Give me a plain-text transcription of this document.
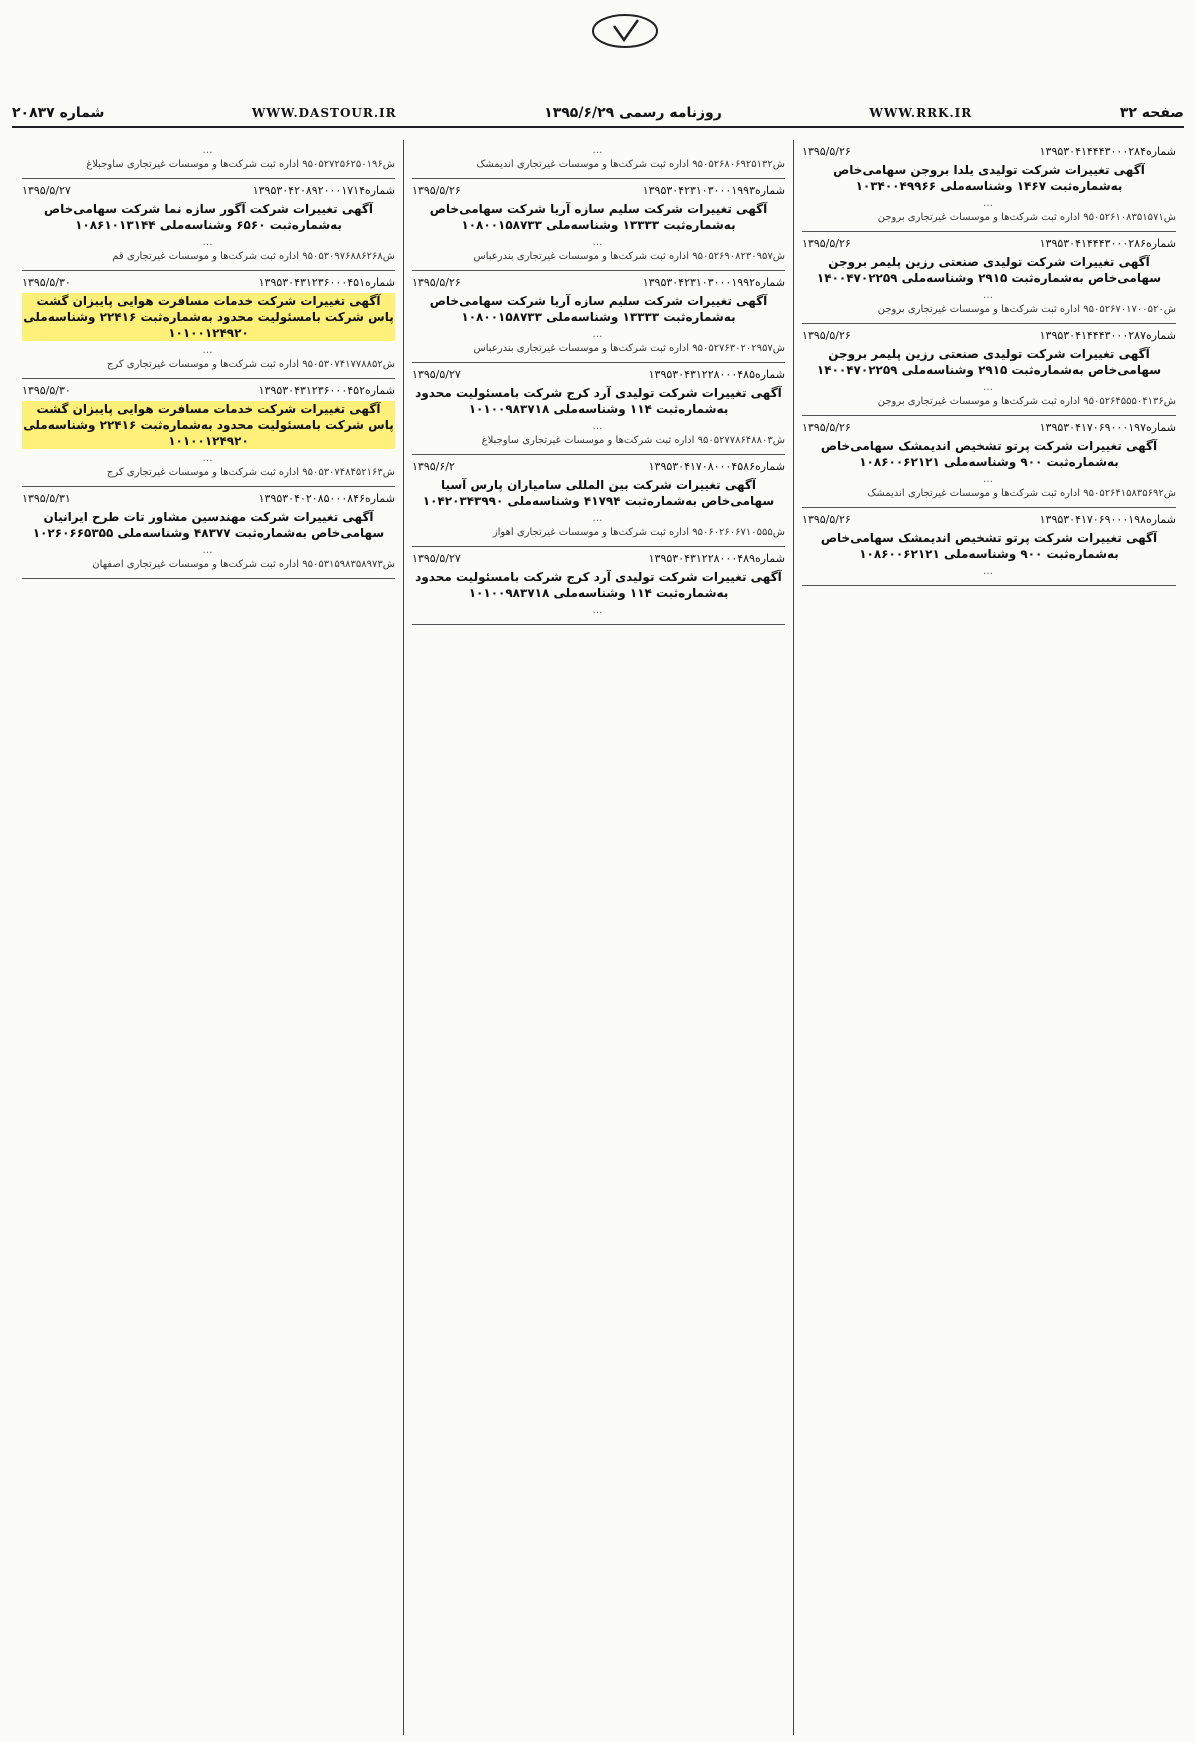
شماره ۲۰۸۳۷	WWW.DASTOUR.IR	روزنامه رسمی ۱۳۹۵/۶/۲۹	WWW.RRK.IR	صفحه ۳۲
شماره۱۳۹۵۳۰۴۱۴۴۴۳۰۰۰۲۸۴
۱۳۹۵/۵/۲۶
آگهی تغییرات شرکت تولیدی یلدا بروجن سهامی‌خاص به‌شماره‌ثبت ۱۴۶۷ وشناسه‌ملی ۱۰۳۴۰۰۴۹۹۶۶
…
ش۹۵۰۵۲۶۱۰۸۳۵۱۵۷۱ اداره ثبت شرکت‌ها و موسسات غیرتجاری بروجن
شماره۱۳۹۵۳۰۴۱۴۴۴۳۰۰۰۲۸۶
۱۳۹۵/۵/۲۶
آگهی تغییرات شرکت تولیدی صنعتی رزین پلیمر بروجن سهامی‌خاص به‌شماره‌ثبت ۲۹۱۵ وشناسه‌ملی ۱۴۰۰۴۷۰۲۲۵۹
…
ش۹۵۰۵۲۶۷۰۱۷۰۰۵۲۰ اداره ثبت شرکت‌ها و موسسات غیرتجاری بروجن
شماره۱۳۹۵۳۰۴۱۴۴۴۳۰۰۰۲۸۷
۱۳۹۵/۵/۲۶
آگهی تغییرات شرکت تولیدی صنعتی رزین پلیمر بروجن سهامی‌خاص به‌شماره‌ثبت ۲۹۱۵ وشناسه‌ملی ۱۴۰۰۴۷۰۲۲۵۹
…
ش۹۵۰۵۲۶۴۵۵۵۰۴۱۳۶ اداره ثبت شرکت‌ها و موسسات غیرتجاری بروجن
شماره۱۳۹۵۳۰۴۱۷۰۶۹۰۰۰۱۹۷
۱۳۹۵/۵/۲۶
آگهی تغییرات شرکت پرتو تشخیص اندیمشک سهامی‌خاص به‌شماره‌ثبت ۹۰۰ وشناسه‌ملی ۱۰۸۶۰۰۶۲۱۲۱
…
ش۹۵۰۵۲۶۴۱۵۸۳۵۶۹۲ اداره ثبت شرکت‌ها و موسسات غیرتجاری اندیمشک
شماره۱۳۹۵۳۰۴۱۷۰۶۹۰۰۰۱۹۸
۱۳۹۵/۵/۲۶
آگهی تغییرات شرکت پرتو تشخیص اندیمشک سهامی‌خاص به‌شماره‌ثبت ۹۰۰ وشناسه‌ملی ۱۰۸۶۰۰۶۲۱۲۱
…
…
ش۹۵۰۵۲۶۸۰۶۹۲۵۱۳۲ اداره ثبت شرکت‌ها و موسسات غیرتجاری اندیمشک
شماره۱۳۹۵۳۰۴۲۳۱۰۳۰۰۰۱۹۹۳
۱۳۹۵/۵/۲۶
آگهی تغییرات شرکت سلیم سازه آریا شرکت سهامی‌خاص به‌شماره‌ثبت ۱۳۳۳۳ وشناسه‌ملی ۱۰۸۰۰۱۵۸۷۳۳
…
ش۹۵۰۵۲۶۹۰۸۲۳۰۹۵۷ اداره ثبت شرکت‌ها و موسسات غیرتجاری بندرعباس
شماره۱۳۹۵۳۰۴۲۳۱۰۳۰۰۰۱۹۹۲
۱۳۹۵/۵/۲۶
آگهی تغییرات شرکت سلیم سازه آریا شرکت سهامی‌خاص به‌شماره‌ثبت ۱۳۳۳۳ وشناسه‌ملی ۱۰۸۰۰۱۵۸۷۳۳
…
ش۹۵۰۵۲۷۶۳۰۲۰۲۹۵۷ اداره ثبت شرکت‌ها و موسسات غیرتجاری بندرعباس
شماره۱۳۹۵۳۰۴۳۱۲۲۸۰۰۰۴۸۵
۱۳۹۵/۵/۲۷
آگهی تغییرات شرکت تولیدی آرد کرج شرکت بامسئولیت محدود به‌شماره‌ثبت ۱۱۴ وشناسه‌ملی ۱۰۱۰۰۹۸۳۷۱۸
…
ش۹۵۰۵۲۷۷۸۶۴۸۸۰۳ اداره ثبت شرکت‌ها و موسسات غیرتجاری ساوجبلاغ
شماره۱۳۹۵۳۰۴۱۷۰۸۰۰۰۴۵۸۶
۱۳۹۵/۶/۲
آگهی تغییرات شرکت بین المللی سامیاران پارس آسیا سهامی‌خاص به‌شماره‌ثبت ۴۱۷۹۴ وشناسه‌ملی ۱۰۴۲۰۳۴۳۹۹۰
…
ش۹۵۰۶۰۲۶۰۶۷۱۰۵۵۵ اداره ثبت شرکت‌ها و موسسات غیرتجاری اهواز
شماره۱۳۹۵۳۰۴۳۱۲۲۸۰۰۰۴۸۹
۱۳۹۵/۵/۲۷
آگهی تغییرات شرکت تولیدی آرد کرج شرکت بامسئولیت محدود به‌شماره‌ثبت ۱۱۴ وشناسه‌ملی ۱۰۱۰۰۹۸۳۷۱۸
…
…
ش۹۵۰۵۲۷۲۵۶۲۵۰۱۹۶ اداره ثبت شرکت‌ها و موسسات غیرتجاری ساوجبلاغ
شماره۱۳۹۵۳۰۴۲۰۸۹۲۰۰۰۱۷۱۴
۱۳۹۵/۵/۲۷
آگهی تغییرات شرکت آگور سازه نما شرکت سهامی‌خاص به‌شماره‌ثبت ۶۵۶۰ وشناسه‌ملی ۱۰۸۶۱۰۱۳۱۴۴
…
ش۹۵۰۵۳۰۹۷۶۸۸۶۲۶۸ اداره ثبت شرکت‌ها و موسسات غیرتجاری قم
شماره۱۳۹۵۳۰۴۳۱۲۳۶۰۰۰۴۵۱
۱۳۹۵/۵/۳۰
آگهی تغییرات شرکت خدمات مسافرت هوایی پایبزان گشت پاس شرکت بامسئولیت محدود به‌شماره‌ثبت ۲۲۴۱۶ وشناسه‌ملی ۱۰۱۰۰۱۲۴۹۲۰
…
ش۹۵۰۵۳۰۷۴۱۷۷۸۸۵۲ اداره ثبت شرکت‌ها و موسسات غیرتجاری کرج
شماره۱۳۹۵۳۰۴۳۱۲۳۶۰۰۰۴۵۲
۱۳۹۵/۵/۳۰
آگهی تغییرات شرکت خدمات مسافرت هوایی پایبزان گشت پاس شرکت بامسئولیت محدود به‌شماره‌ثبت ۲۲۴۱۶ وشناسه‌ملی ۱۰۱۰۰۱۲۴۹۲۰
…
ش۹۵۰۵۳۰۷۴۸۴۵۲۱۶۳ اداره ثبت شرکت‌ها و موسسات غیرتجاری کرج
شماره۱۳۹۵۳۰۴۰۲۰۸۵۰۰۰۸۴۶
۱۳۹۵/۵/۳۱
آگهی تغییرات شرکت مهندسین مشاور تات طرح ایرانیان سهامی‌خاص به‌شماره‌ثبت ۴۸۳۷۷ وشناسه‌ملی ۱۰۲۶۰۶۶۵۳۵۵
…
ش۹۵۰۵۳۱۵۹۸۳۵۸۹۷۳ اداره ثبت شرکت‌ها و موسسات غیرتجاری اصفهان
